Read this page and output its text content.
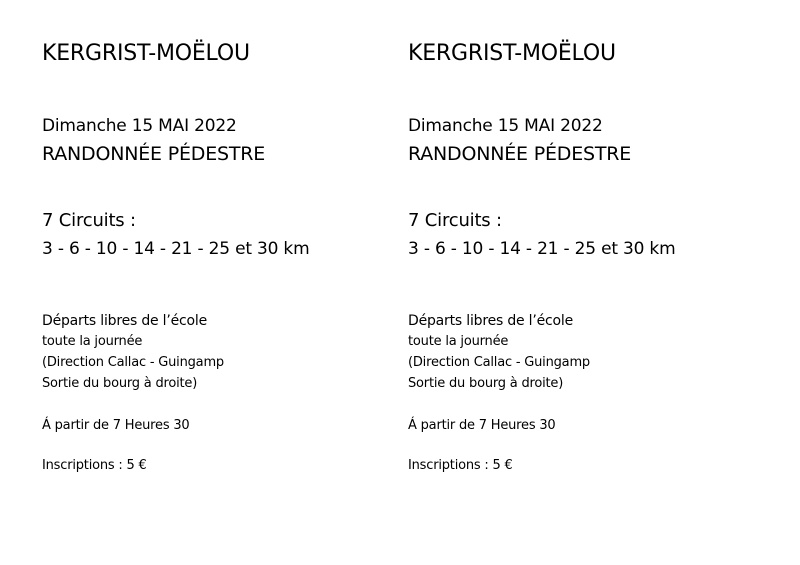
KERGRIST-MOËLOU
Dimanche 15 MAI 2022
RANDONNÉE PÉDESTRE
7 Circuits :
3 - 6 - 10 - 14 - 21 - 25 et 30 km
Départs libres de l’école
toute la journée
(Direction Callac - Guingamp
Sortie du bourg à droite)
Á partir de 7 Heures 30
Inscriptions : 5 €
KERGRIST-MOËLOU
Dimanche 15 MAI 2022
RANDONNÉE PÉDESTRE
7 Circuits :
3 - 6 - 10 - 14 - 21 - 25 et 30 km
Départs libres de l’école
toute la journée
(Direction Callac - Guingamp
Sortie du bourg à droite)
Á partir de 7 Heures 30
Inscriptions : 5 €
